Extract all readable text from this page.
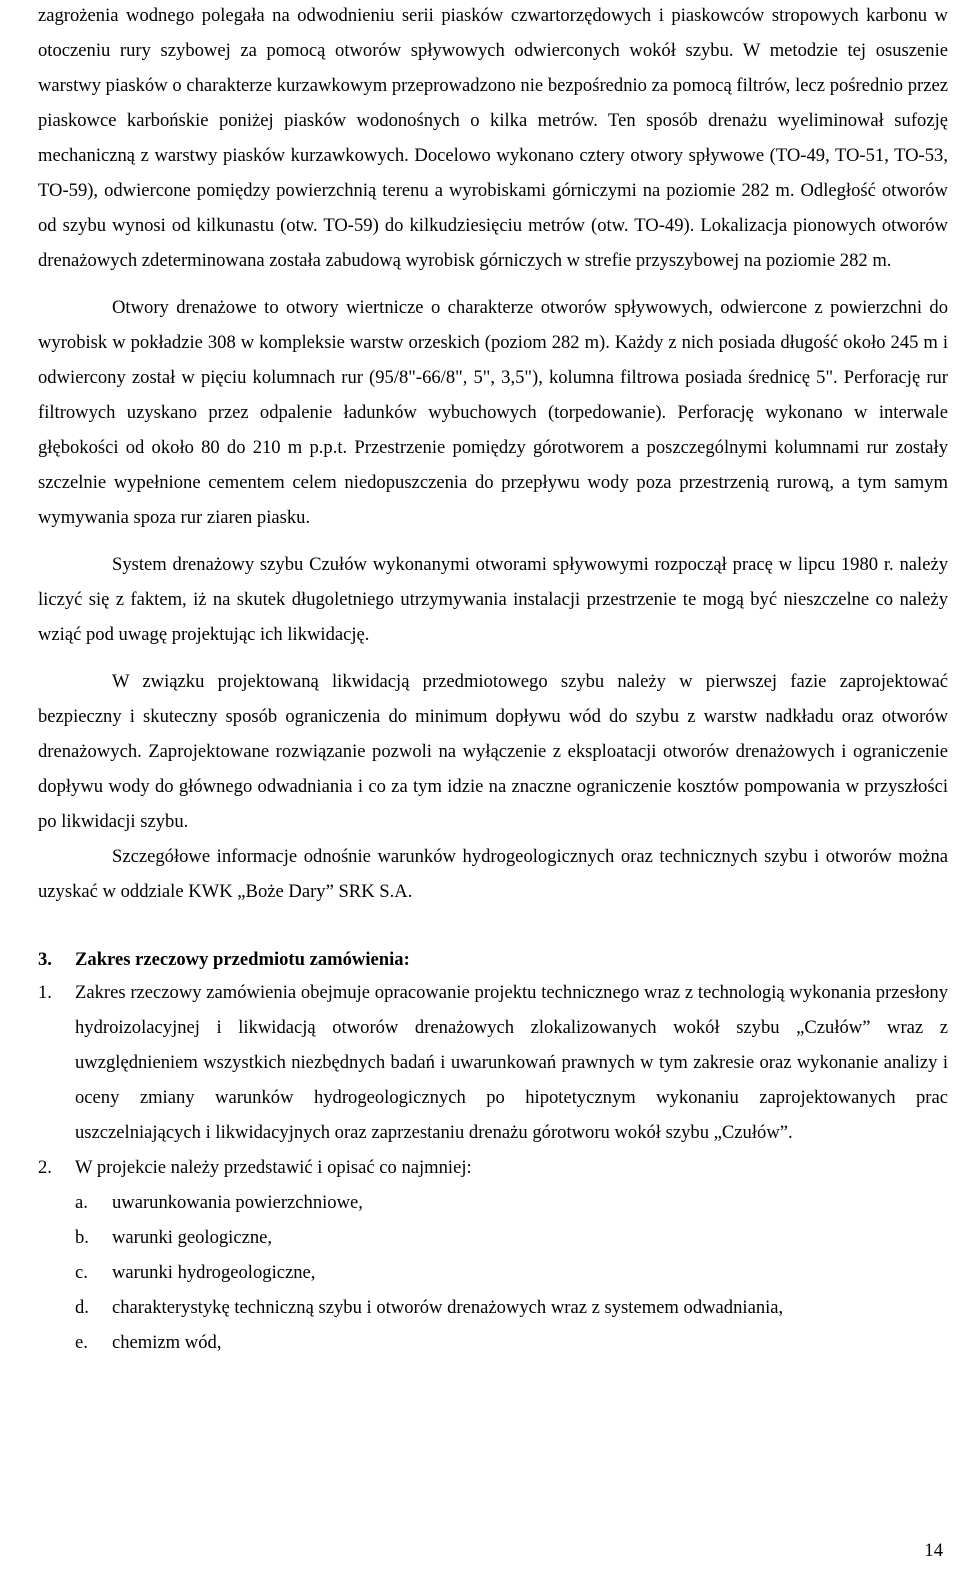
zagrożenia wodnego polegała na odwodnieniu serii piasków czwartorzędowych i piaskowców stropowych karbonu w otoczeniu rury szybowej za pomocą otworów spływowych odwierconych wokół szybu. W metodzie tej osuszenie warstwy piasków o charakterze kurzawkowym przeprowadzono nie bezpośrednio za pomocą filtrów, lecz pośrednio przez piaskowce karbońskie poniżej piasków wodonośnych o kilka metrów. Ten sposób drenażu wyeliminował sufozję mechaniczną z warstwy piasków kurzawkowych. Docelowo wykonano cztery otwory spływowe (TO-49, TO-51, TO-53, TO-59), odwiercone pomiędzy powierzchnią terenu a wyrobiskami górniczymi na poziomie 282 m. Odległość otworów od szybu wynosi od kilkunastu (otw. TO-59) do kilkudziesięciu metrów (otw. TO-49). Lokalizacja pionowych otworów drenażowych zdeterminowana została zabudową wyrobisk górniczych w strefie przyszybowej na poziomie 282 m.

Otwory drenażowe to otwory wiertnicze o charakterze otworów spływowych, odwiercone z powierzchni do wyrobisk w pokładzie 308 w kompleksie warstw orzeskich (poziom 282 m). Każdy z nich posiada długość około 245 m i odwiercony został w pięciu kolumnach rur (95/8"-66/8", 5", 3,5"), kolumna filtrowa posiada średnicę 5". Perforację rur filtrowych uzyskano przez odpalenie ładunków wybuchowych (torpedowanie). Perforację wykonano w interwale głębokości od około 80 do 210 m p.p.t. Przestrzenie pomiędzy górotworem a poszczególnymi kolumnami rur zostały szczelnie wypełnione cementem celem niedopuszczenia do przepływu wody poza przestrzenią rurową, a tym samym wymywania spoza rur ziaren piasku.

System drenażowy szybu Czułów wykonanymi otworami spływowymi rozpoczął pracę w lipcu 1980 r. należy liczyć się z faktem, iż na skutek długoletniego utrzymywania instalacji przestrzenie te mogą być nieszczelne co należy wziąć pod uwagę projektując ich likwidację.

W związku projektowaną likwidacją przedmiotowego szybu należy w pierwszej fazie zaprojektować bezpieczny i skuteczny sposób ograniczenia do minimum dopływu wód do szybu z warstw nadkładu oraz otworów drenażowych. Zaprojektowane rozwiązanie pozwoli na wyłączenie z eksploatacji otworów drenażowych i ograniczenie dopływu wody do głównego odwadniania i co za tym idzie na znaczne ograniczenie kosztów pompowania w przyszłości po likwidacji szybu.

Szczegółowe informacje odnośnie warunków hydrogeologicznych oraz technicznych szybu i otworów można uzyskać w oddziale KWK „Boże Dary” SRK S.A.

3.	Zakres rzeczowy przedmiotu zamówienia:
1.	Zakres rzeczowy zamówienia obejmuje opracowanie projektu technicznego wraz z technologią wykonania przesłony hydroizolacyjnej i likwidacją otworów drenażowych zlokalizowanych wokół szybu „Czułów” wraz z uwzględnieniem wszystkich niezbędnych badań i uwarunkowań prawnych w tym zakresie oraz wykonanie analizy i oceny zmiany warunków hydrogeologicznych po hipotetycznym wykonaniu zaprojektowanych prac uszczelniających i likwidacyjnych oraz zaprzestaniu drenażu górotworu wokół szybu „Czułów”.
2.	W projekcie należy przedstawić i opisać co najmniej:
a.	uwarunkowania powierzchniowe,
b.	warunki geologiczne,
c.	warunki hydrogeologiczne,
d.	charakterystykę techniczną szybu i otworów drenażowych wraz z systemem odwadniania,
e.	chemizm wód,
14
